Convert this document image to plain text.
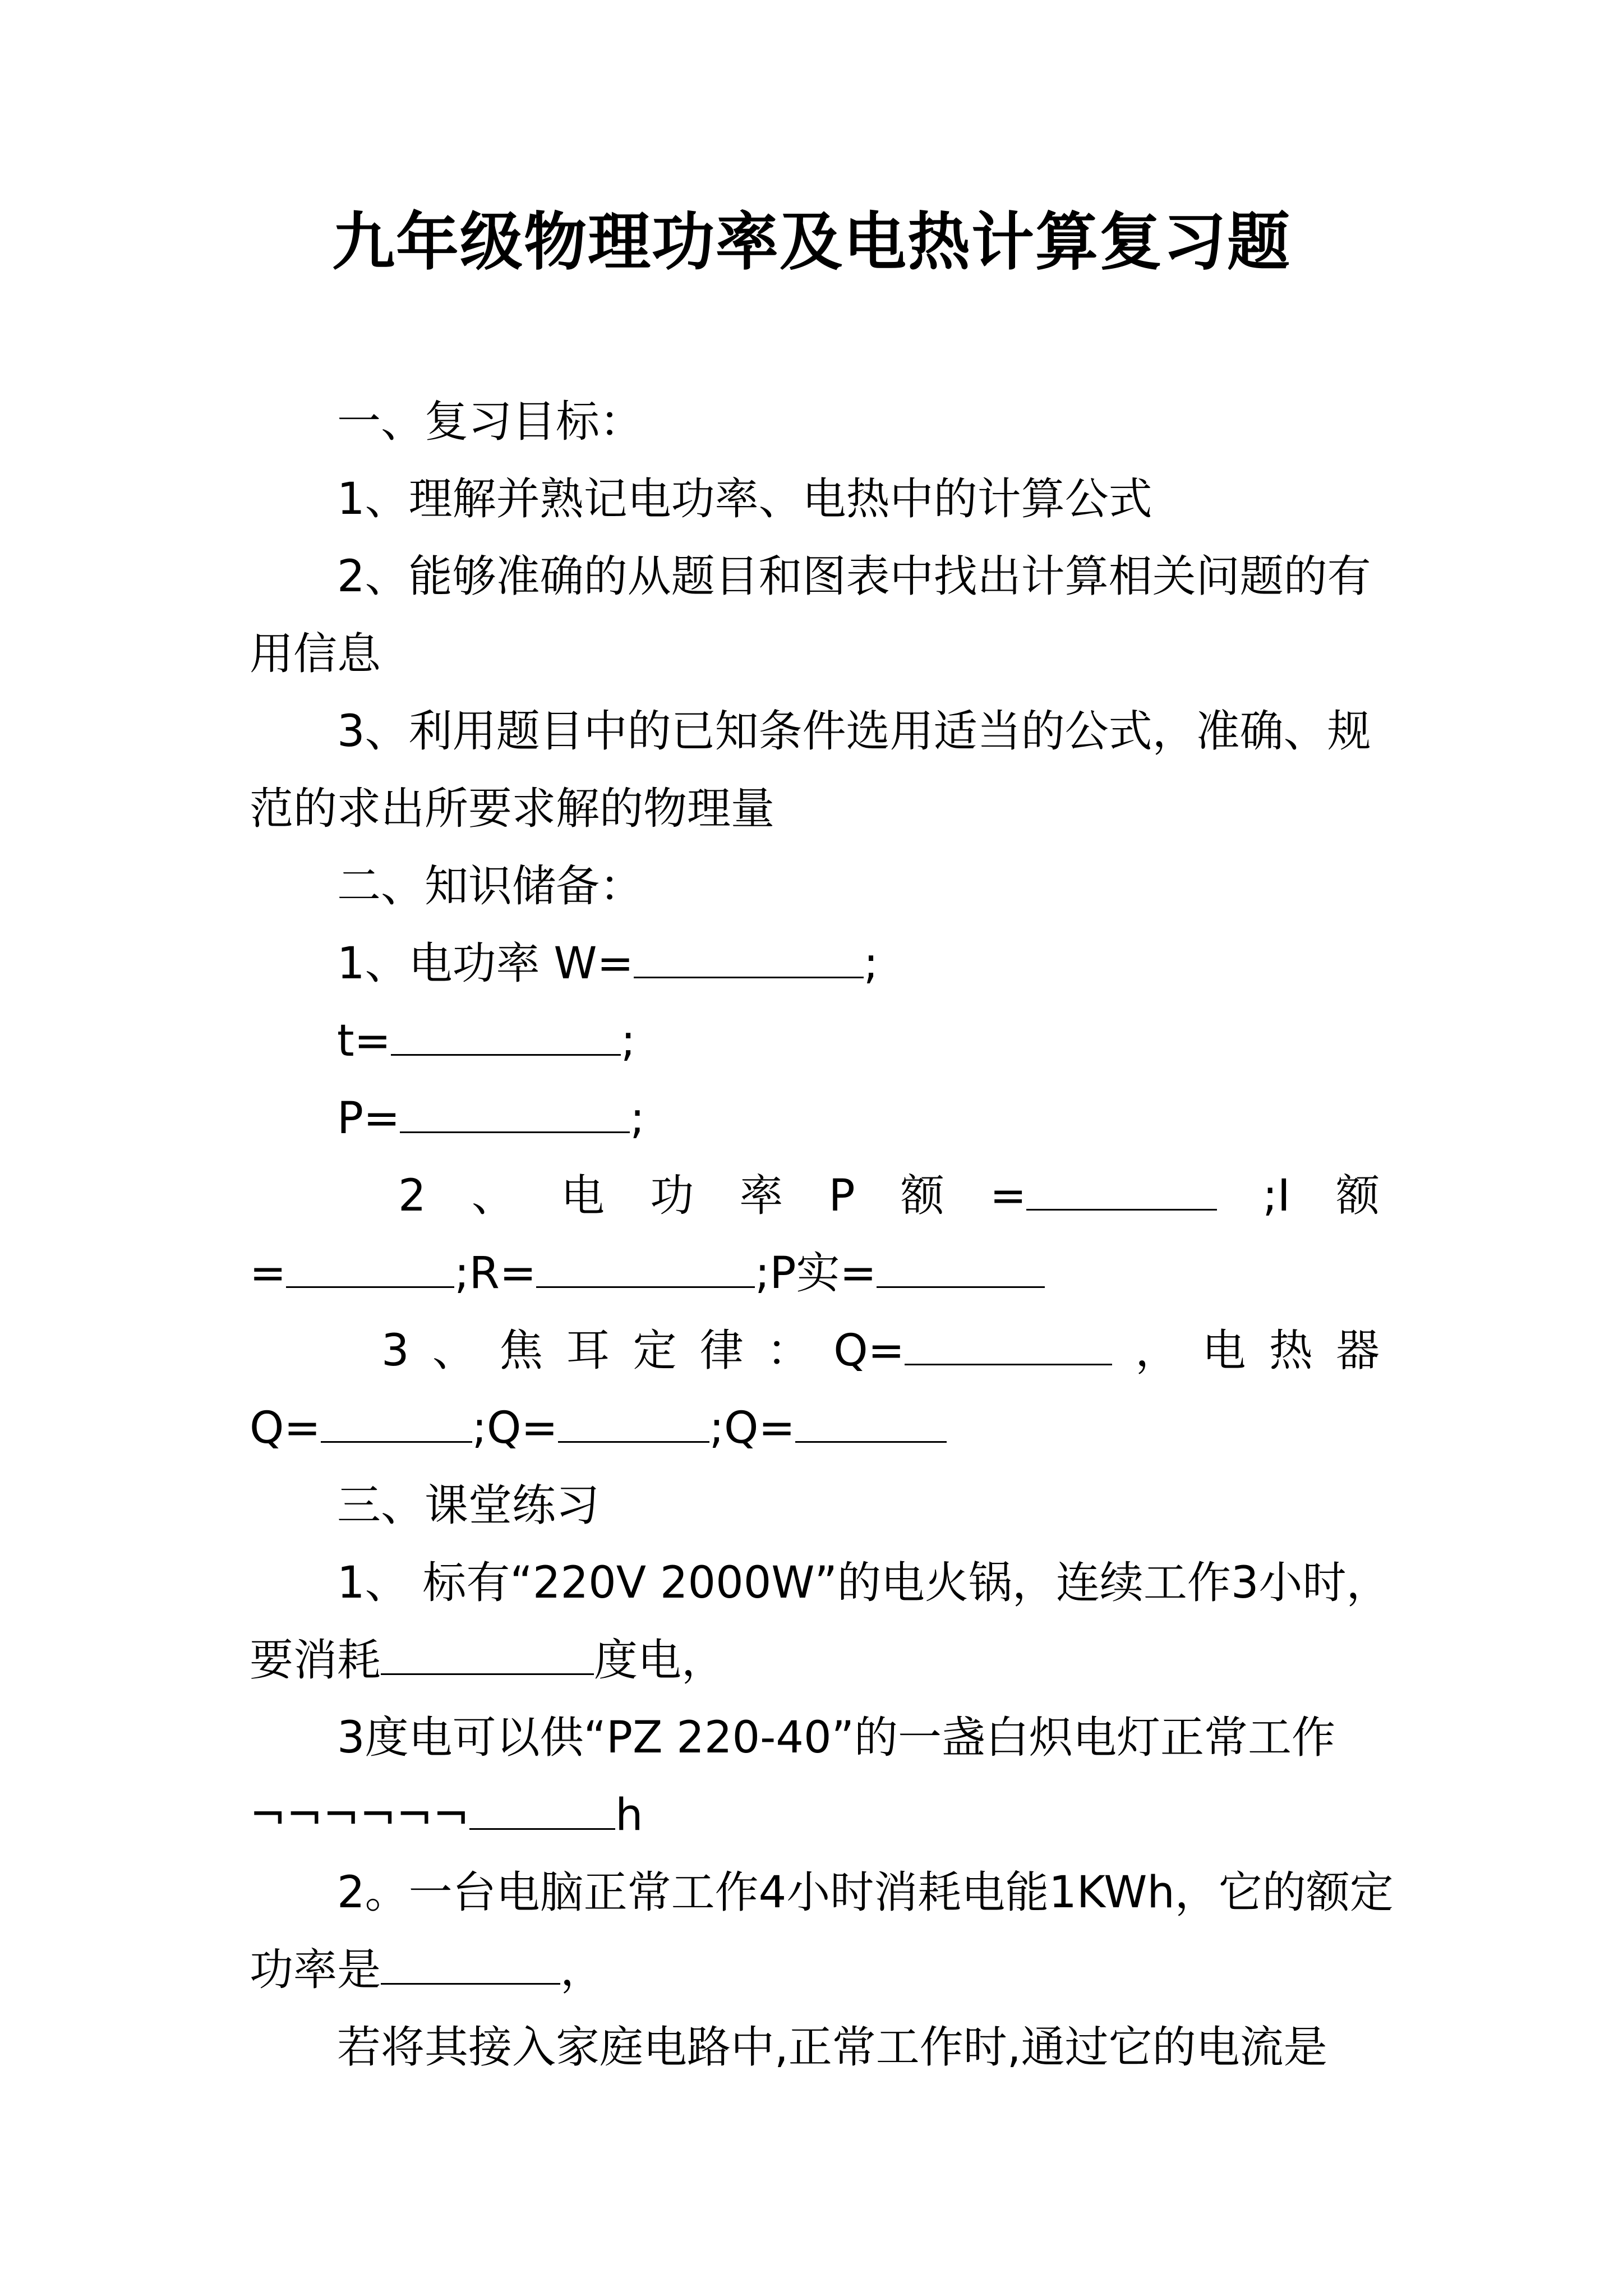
九年级物理功率及电热计算复习题
一、复习目标：
1、理解并熟记电功率、电热中的计算公式
2、能够准确的从题目和图表中找出计算相关问题的有
用信息
3、利用题目中的已知条件选用适当的公式，准确、规
范的求出所要求解的物理量
二、知识储备：
1、电功率 W=	;
t=	;
P=	;
2 、 电 功 率 P 额 =	;I 额
=	;R=	;P实=
3 、 焦 耳 定 律 ： Q=	， 电 热 器
Q=	;Q=	;Q=
三、课堂练习
1、 标有“220V 2000W”的电火锅，连续工作3小时，
要消耗	度电，
3度电可以供“PZ 220-40”的一盏白炽电灯正常工作
¬¬¬¬¬¬	h
2。一台电脑正常工作4小时消耗电能1KWh，它的额定
功率是	，
若将其接入家庭电路中,正常工作时,通过它的电流是
